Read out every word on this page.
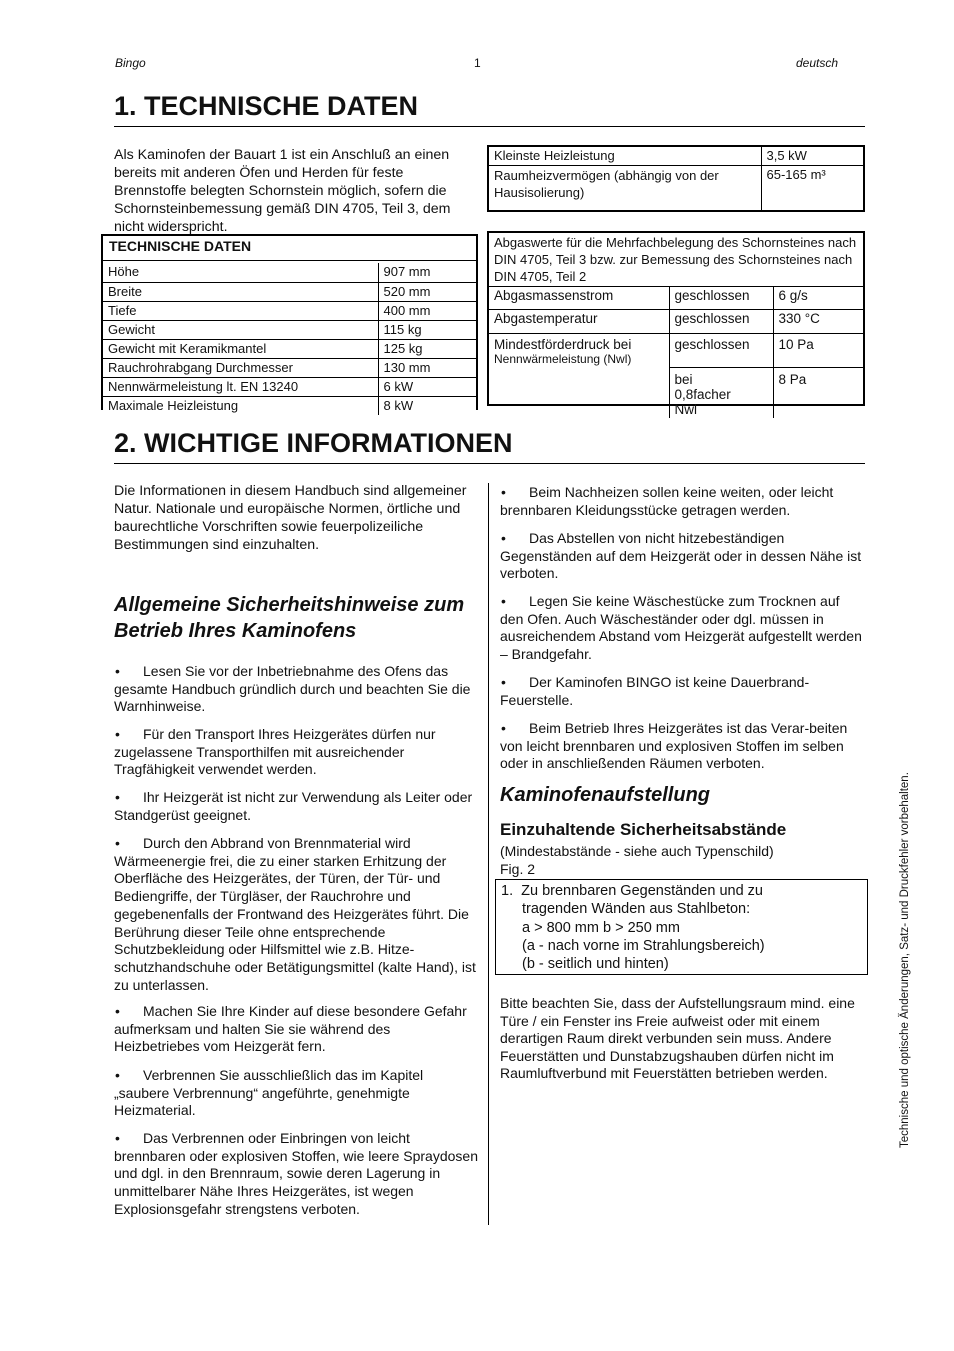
Bingo	1	deutsch
1. TECHNISCHE DATEN
Als Kaminofen der Bauart 1 ist ein Anschluß an einen bereits mit anderen Öfen und Herden für feste Brennstoffe belegten Schornstein möglich, sofern die Schornsteinbemessung gemäß DIN 4705, Teil 3, dem nicht widerspricht.
TECHNISCHE DATEN
Höhe	907 mm
Breite	520 mm
Tiefe	400 mm
Gewicht	115 kg
Gewicht mit Keramikmantel	125 kg
Rauchrohrabgang Durchmesser	130 mm
Nennwärmeleistung lt. EN 13240	6 kW
Maximale Heizleistung	8 kW
Kleinste Heizleistung	3,5 kW
Raumheizvermögen (abhängig von der Hausisolierung)	65-165 m³
Abgaswerte für die Mehrfachbelegung des Schornsteines nach DIN 4705, Teil 3 bzw. zur Bemessung des Schornsteines nach DIN 4705, Teil 2
Abgasmassenstrom	geschlossen	6 g/s
Abgastemperatur	geschlossen	330 °C

Mindestförderdruck bei
Nennwärmeleistung (Nwl)	geschlossen	10 Pa
	bei 0,8facher Nwl	8 Pa
2. WICHTIGE INFORMATIONEN
Die Informationen in diesem Handbuch sind allgemeiner Natur. Nationale und europäische Normen, örtliche und baurechtliche Vorschriften sowie feuerpolizeiliche Bestimmungen sind einzuhalten.
Allgemeine Sicherheitshinweise zum Betrieb Ihres Kaminofens
• Lesen Sie vor der Inbetriebnahme des Ofens das gesamte Handbuch gründlich durch und beachten Sie die Warnhinweise.
• Für den Transport Ihres Heizgerätes dürfen nur zugelassene Transporthilfen mit ausreichender Tragfähigkeit verwendet werden.
• Ihr Heizgerät ist nicht zur Verwendung als Leiter oder Standgerüst geeignet.
• Durch den Abbrand von Brennmaterial wird Wärmeenergie frei, die zu einer starken Erhitzung der Oberfläche des Heizgerätes, der Türen, der Tür- und Bediengriffe, der Türgläser, der Rauchrohre und gegebenenfalls der Frontwand des Heizgerätes führt. Die Berührung dieser Teile ohne entsprechende Schutzbekleidung oder Hilfsmittel wie z.B. Hitze-schutzhandschuhe oder Betätigungsmittel (kalte Hand), ist zu unterlassen.
• Machen Sie Ihre Kinder auf diese besondere Gefahr aufmerksam und halten Sie sie während des Heizbetriebes vom Heizgerät fern.
• Verbrennen Sie ausschließlich das im Kapitel „saubere Verbrennung“ angeführte, genehmigte Heizmaterial.
• Das Verbrennen oder Einbringen von leicht brennbaren oder explosiven Stoffen, wie leere Spraydosen und dgl. in den Brennraum, sowie deren Lagerung in unmittelbarer Nähe Ihres Heizgerätes, ist wegen Explosionsgefahr strengstens verboten.
• Beim Nachheizen sollen keine weiten, oder leicht brennbaren Kleidungsstücke getragen werden.
• Das Abstellen von nicht hitzebeständigen Gegenständen auf dem Heizgerät oder in dessen Nähe ist verboten.
• Legen Sie keine Wäschestücke zum Trocknen auf den Ofen. Auch Wäscheständer oder dgl. müssen in ausreichendem Abstand vom Heizgerät aufgestellt werden – Brandgefahr.
• Der Kaminofen BINGO ist keine Dauerbrand-Feuerstelle.
• Beim Betrieb Ihres Heizgerätes ist das Verar-beiten von leicht brennbaren und explosiven Stoffen im selben oder in anschließenden Räumen verboten.
Kaminofenaufstellung
Einzuhaltende Sicherheitsabstände
(Mindestabstände - siehe auch Typenschild)
Fig. 2
1.  Zu brennbaren Gegenständen und zu
tragenden Wänden aus Stahlbeton:
a > 800 mm b > 250 mm
(a - nach vorne im Strahlungsbereich)
(b - seitlich und hinten)
Bitte beachten Sie, dass der Aufstellungsraum mind. eine Türe / ein Fenster ins Freie aufweist oder mit einem derartigen Raum direkt verbunden sein muss. Andere Feuerstätten und Dunstabzugshauben dürfen nicht im Raumluftverbund mit Feuerstätten betrieben werden.	Technische und optische Änderungen, Satz- und Druckfehler vorbehalten.
